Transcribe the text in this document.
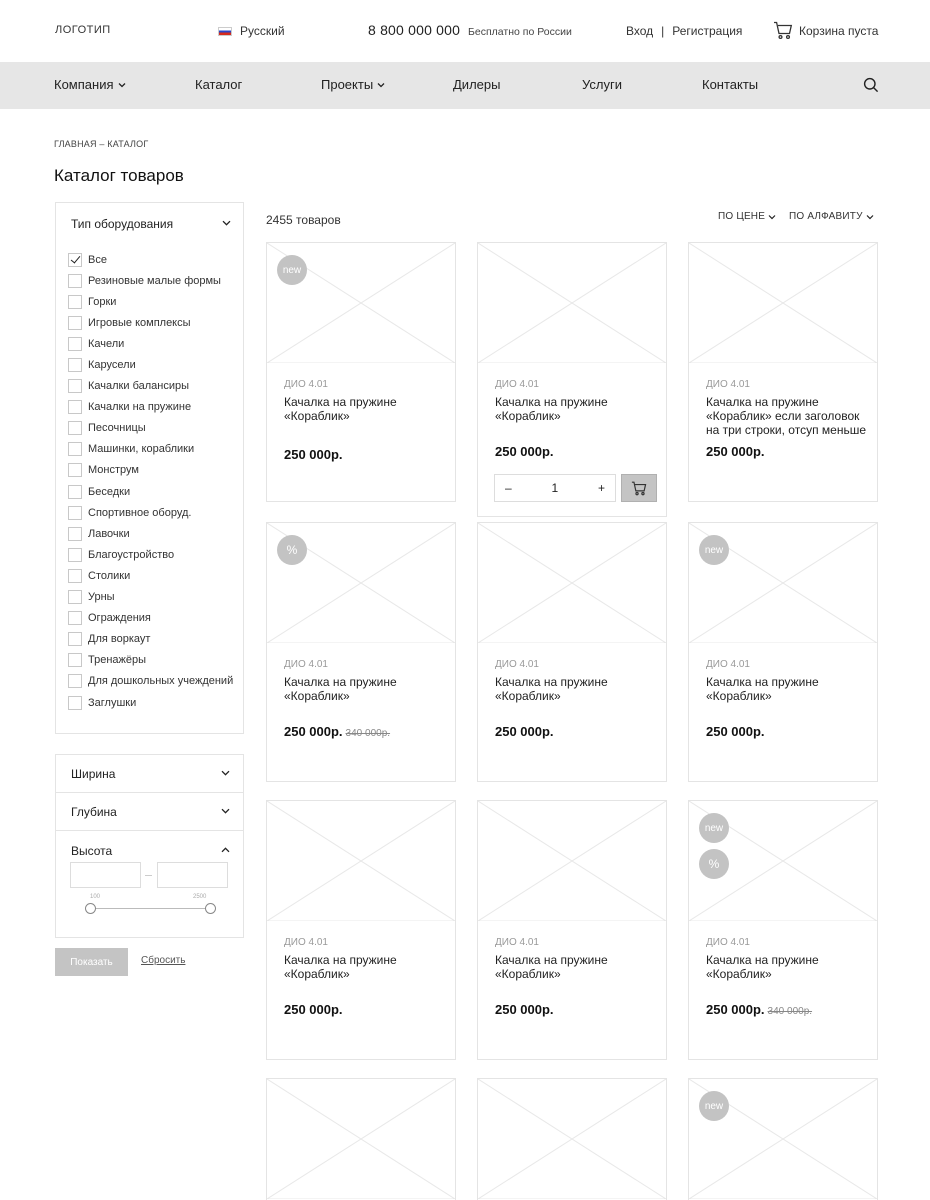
ЛОГОТИП	Русский	8 800 000 000 Бесплатно по России	Вход | Регистрация	Корзина пуста
Компания	Каталог	Проекты	Дилеры	Услуги	Контакты
ГЛАВНАЯ – КАТАЛОГ
Каталог товаров
Тип оборудования
Все
Резиновые малые формы
Горки
Игровые комплексы
Качели
Карусели
Качалки балансиры
Качалки на пружине
Песочницы
Машинки, кораблики
Монструм
Беседки
Спортивное оборуд.
Лавочки
Благоустройство
Столики
Урны
Ограждения
Для воркаут
Тренажёры
Для дошкольных учеждений
Заглушки
Ширина
Глубина
Высота
100	2500
Показать	Сбросить
2455 товаров	ПО ЦЕНЕ ПО АЛФАВИТУ
new
ДИО 4.01
Качалка на пружине «Кораблик»
250 000р.
ДИО 4.01
Качалка на пружине «Кораблик»
250 000р.
–	1	+
ДИО 4.01
Качалка на пружине «Кораблик» если заголовок на три строки, отсуп меньше
250 000р.
%
ДИО 4.01
Качалка на пружине «Кораблик»
250 000р. 340 000р.
ДИО 4.01
Качалка на пружине «Кораблик»
250 000р.
new
ДИО 4.01
Качалка на пружине «Кораблик»
250 000р.
ДИО 4.01
Качалка на пружине «Кораблик»
250 000р.
ДИО 4.01
Качалка на пружине «Кораблик»
250 000р.
new
%
ДИО 4.01
Качалка на пружине «Кораблик»
250 000р. 340 000р.
new
